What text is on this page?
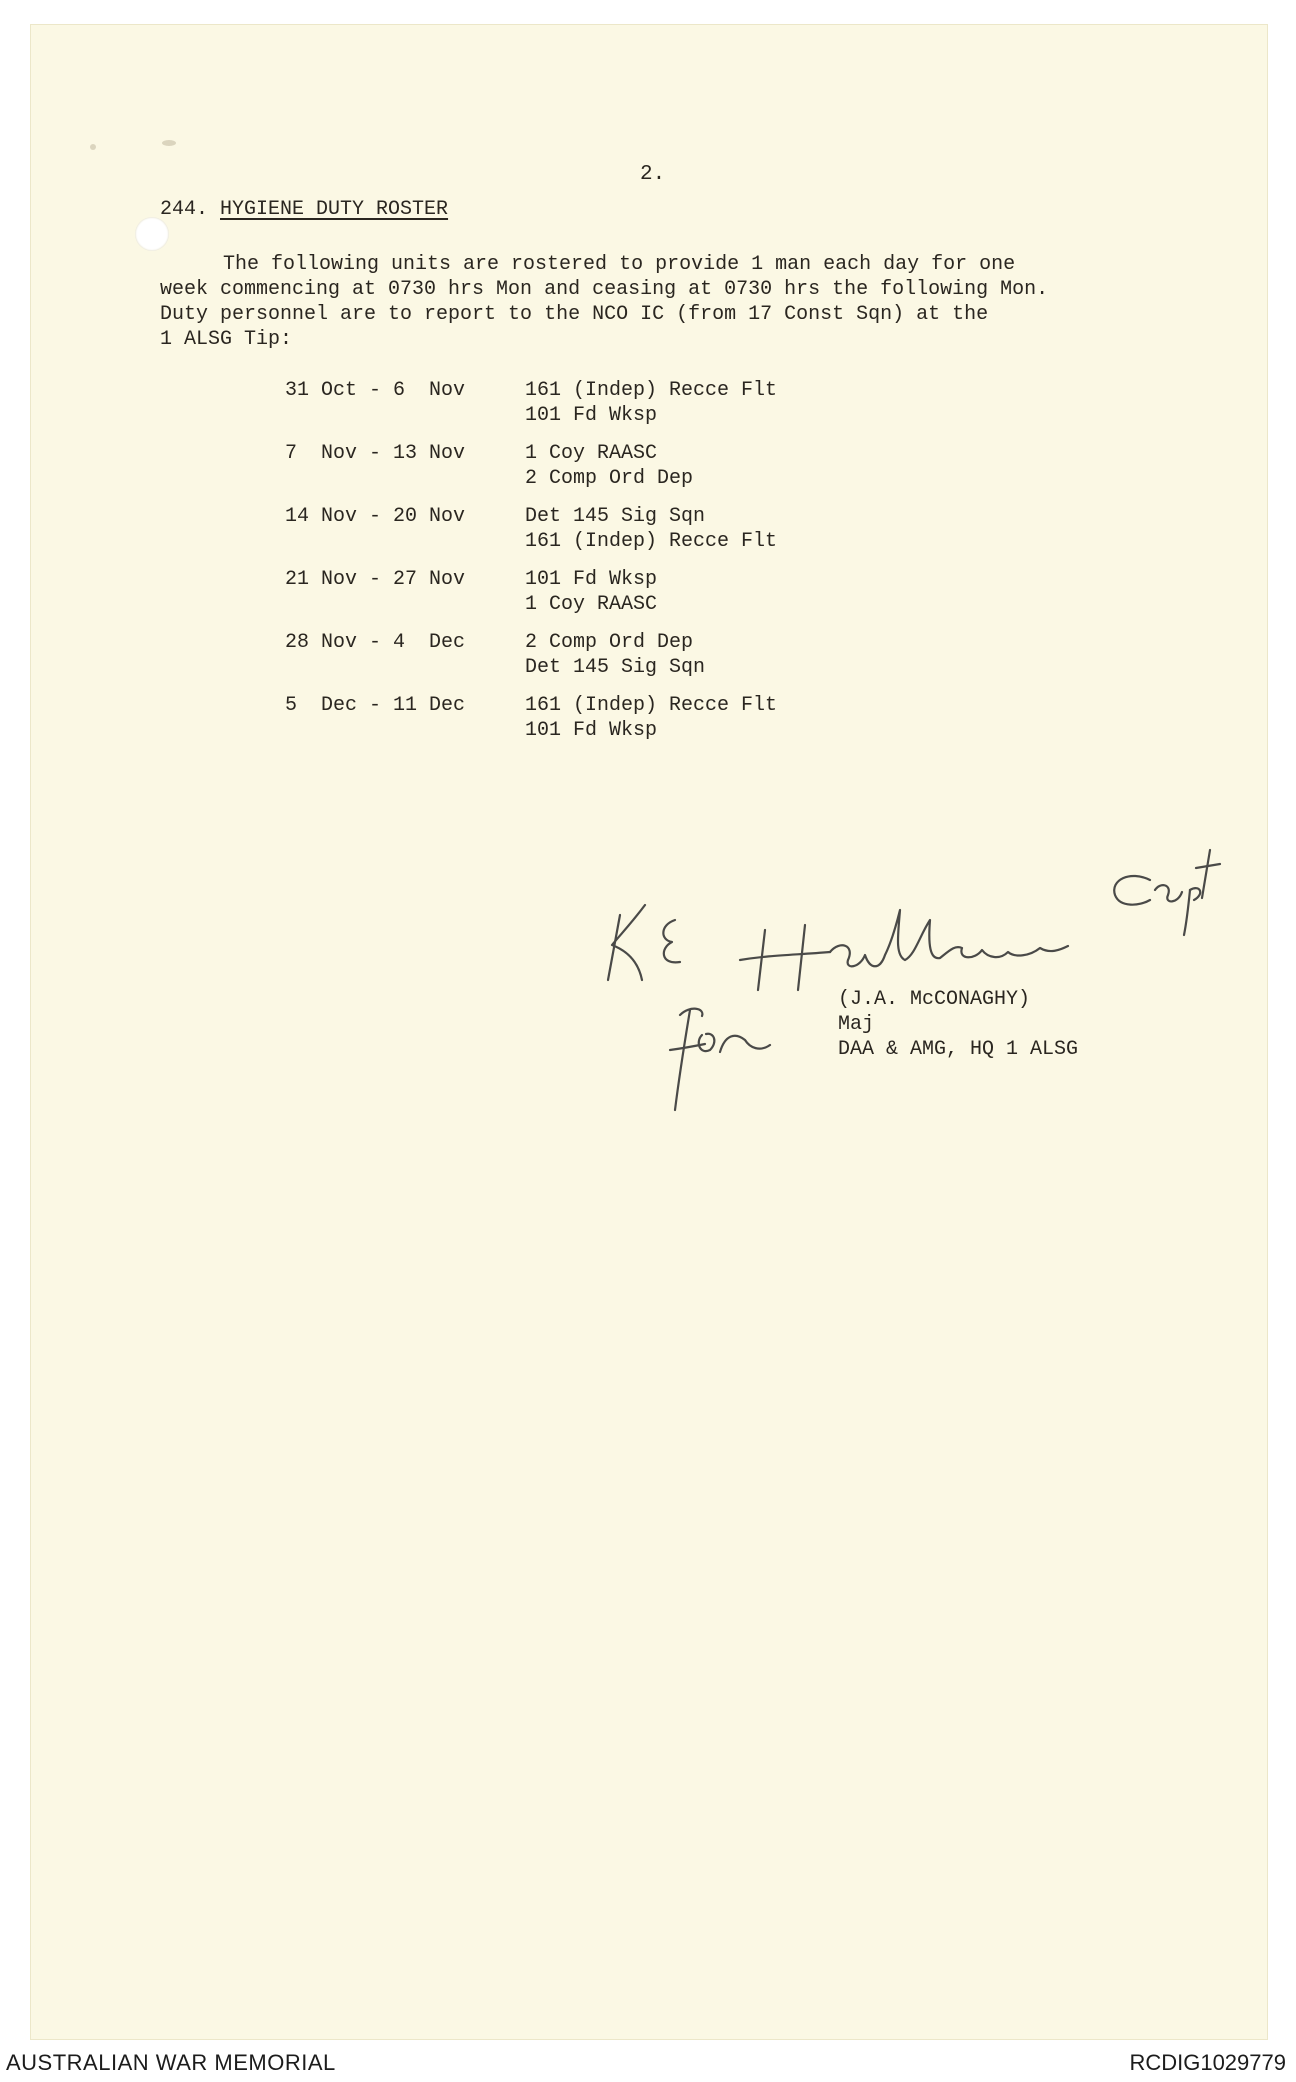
2.
244. HYGIENE DUTY ROSTER
The following units are rostered to provide 1 man each day for one
week commencing at 0730 hrs Mon and ceasing at 0730 hrs the following Mon.
Duty personnel are to report to the NCO IC (from 17 Const Sqn) at the
1 ALSG Tip:
31 Oct - 6  Nov	161 (Indep) Recce Flt
101 Fd Wksp
7  Nov - 13 Nov	1 Coy RAASC
2 Comp Ord Dep
14 Nov - 20 Nov	Det 145 Sig Sqn
161 (Indep) Recce Flt
21 Nov - 27 Nov	101 Fd Wksp
1 Coy RAASC
28 Nov - 4  Dec	2 Comp Ord Dep
Det 145 Sig Sqn
5  Dec - 11 Dec	161 (Indep) Recce Flt
101 Fd Wksp
(J.A. McCONAGHY)
Maj
DAA & AMG, HQ 1 ALSG
AUSTRALIAN WAR MEMORIAL	RCDIG1029779
